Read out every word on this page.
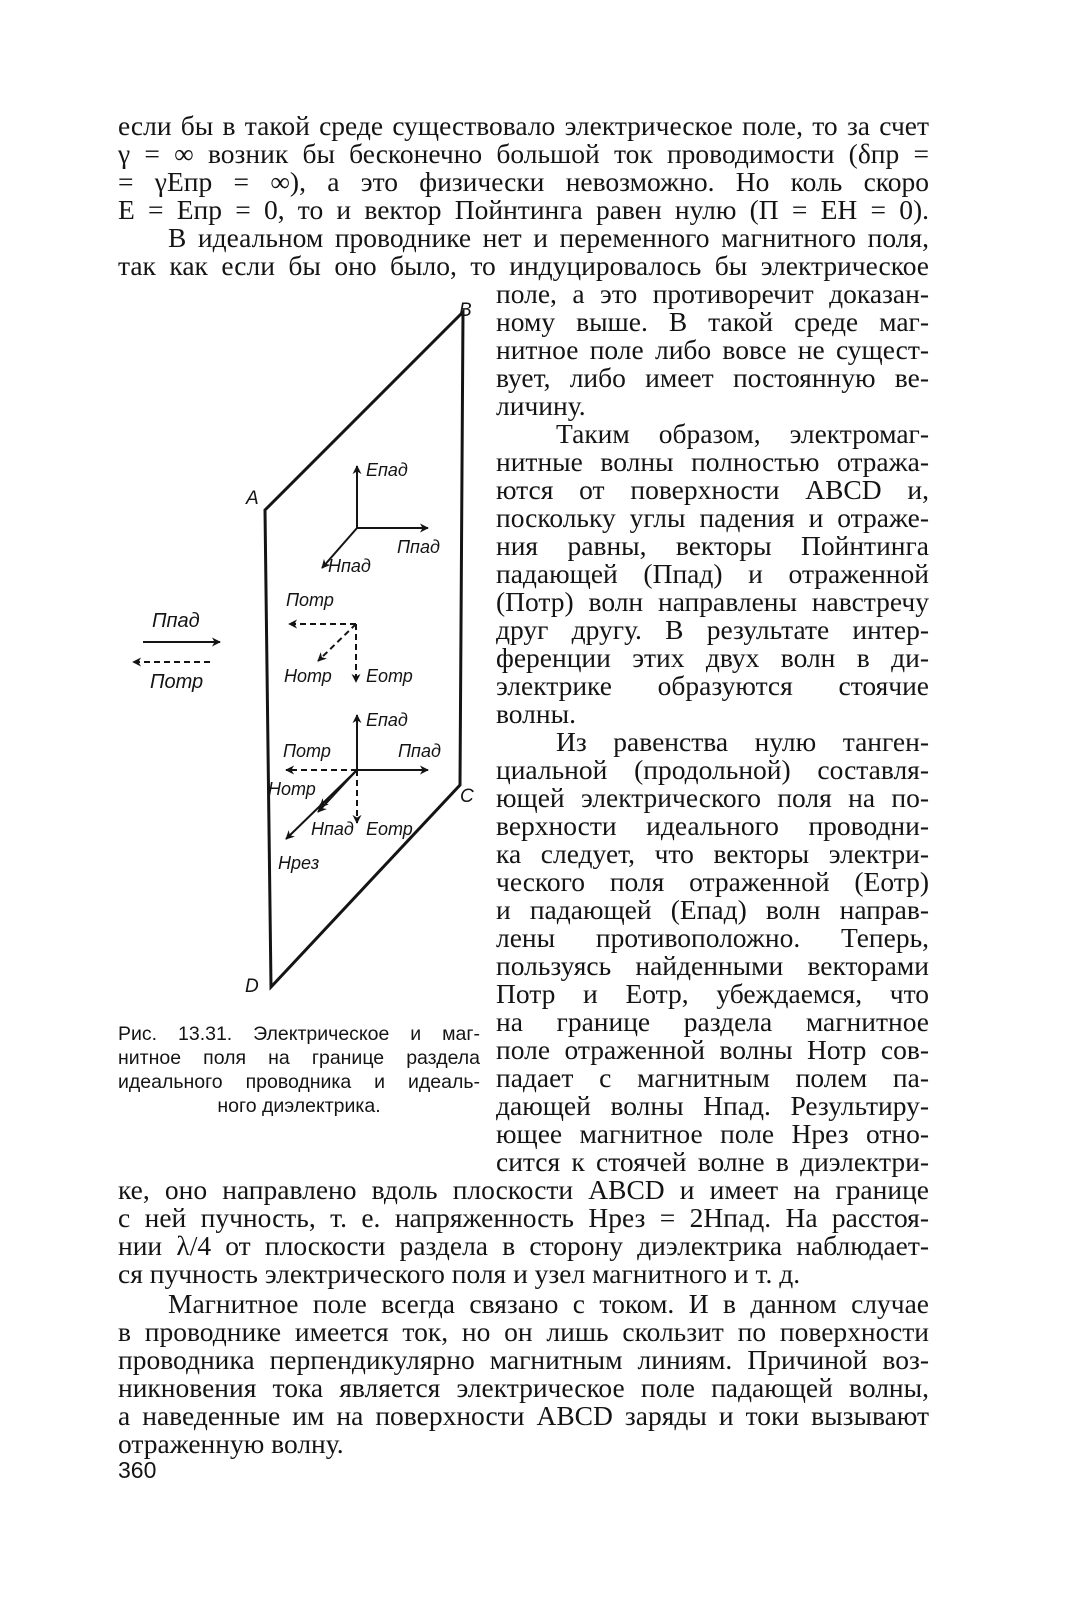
если бы в такой среде существовало электрическое поле, то за счет
γ = ∞ возник бы бесконечно большой ток проводимости (δпр =
= γEпр = ∞), а это физически невозможно. Но коль скоро
E = Eпр = 0, то и вектор Пойнтинга равен нулю (П = EH = 0).
В идеальном проводнике нет и переменного магнитного поля,
так как если бы оно было, то индуцировалось бы электрическое
поле, а это противоречит доказан-
ному выше. В такой среде маг-
нитное поле либо вовсе не сущест-
вует, либо имеет постоянную ве-
личину.
Таким образом, электромаг-
нитные волны полностью отража-
ются от поверхности ABCD и,
поскольку углы падения и отраже-
ния равны, векторы Пойнтинга
падающей (Ппад) и отраженной
(Потр) волн направлены навстречу
друг другу. В результате интер-
ференции этих двух волн в ди-
электрике образуются стоячие
волны.
Из равенства нулю танген-
циальной (продольной) составля-
ющей электрического поля на по-
верхности идеального проводни-
ка следует, что векторы электри-
ческого поля отраженной (Eотр)
и падающей (Eпад) волн направ-
лены противоположно. Теперь,
пользуясь найденными векторами
Потр и Eотр, убеждаемся, что
на границе раздела магнитное
поле отраженной волны Hотр сов-
падает с магнитным полем па-
дающей волны Hпад. Результиру-
ющее магнитное поле Hрез отно-
сится к стоячей волне в диэлектри-
ке, оно направлено вдоль плоскости ABCD и имеет на границе
с ней пучность, т. е. напряженность Hрез = 2Hпад. На расстоя-
нии λ/4 от плоскости раздела в сторону диэлектрика наблюдает-
ся пучность электрического поля и узел магнитного и т. д.
Магнитное поле всегда связано с током. И в данном случае
в проводнике имеется ток, но он лишь скользит по поверхности
проводника перпендикулярно магнитным линиям. Причиной воз-
никновения тока является электрическое поле падающей волны,
а наведенные им на поверхности ABCD заряды и токи вызывают
отраженную волну.
Рис. 13.31. Электрическое и маг-
нитное поля на границе раздела
идеального проводника и идеаль-
ного диэлектрика.
360
A
B
C
D
Ппад
Потр
Eпад
Ппад
Hпад
Потр
Hотр Eотр
Eпад
Потр	Ппад
Hотр
Hпад Eотр
Hрез
